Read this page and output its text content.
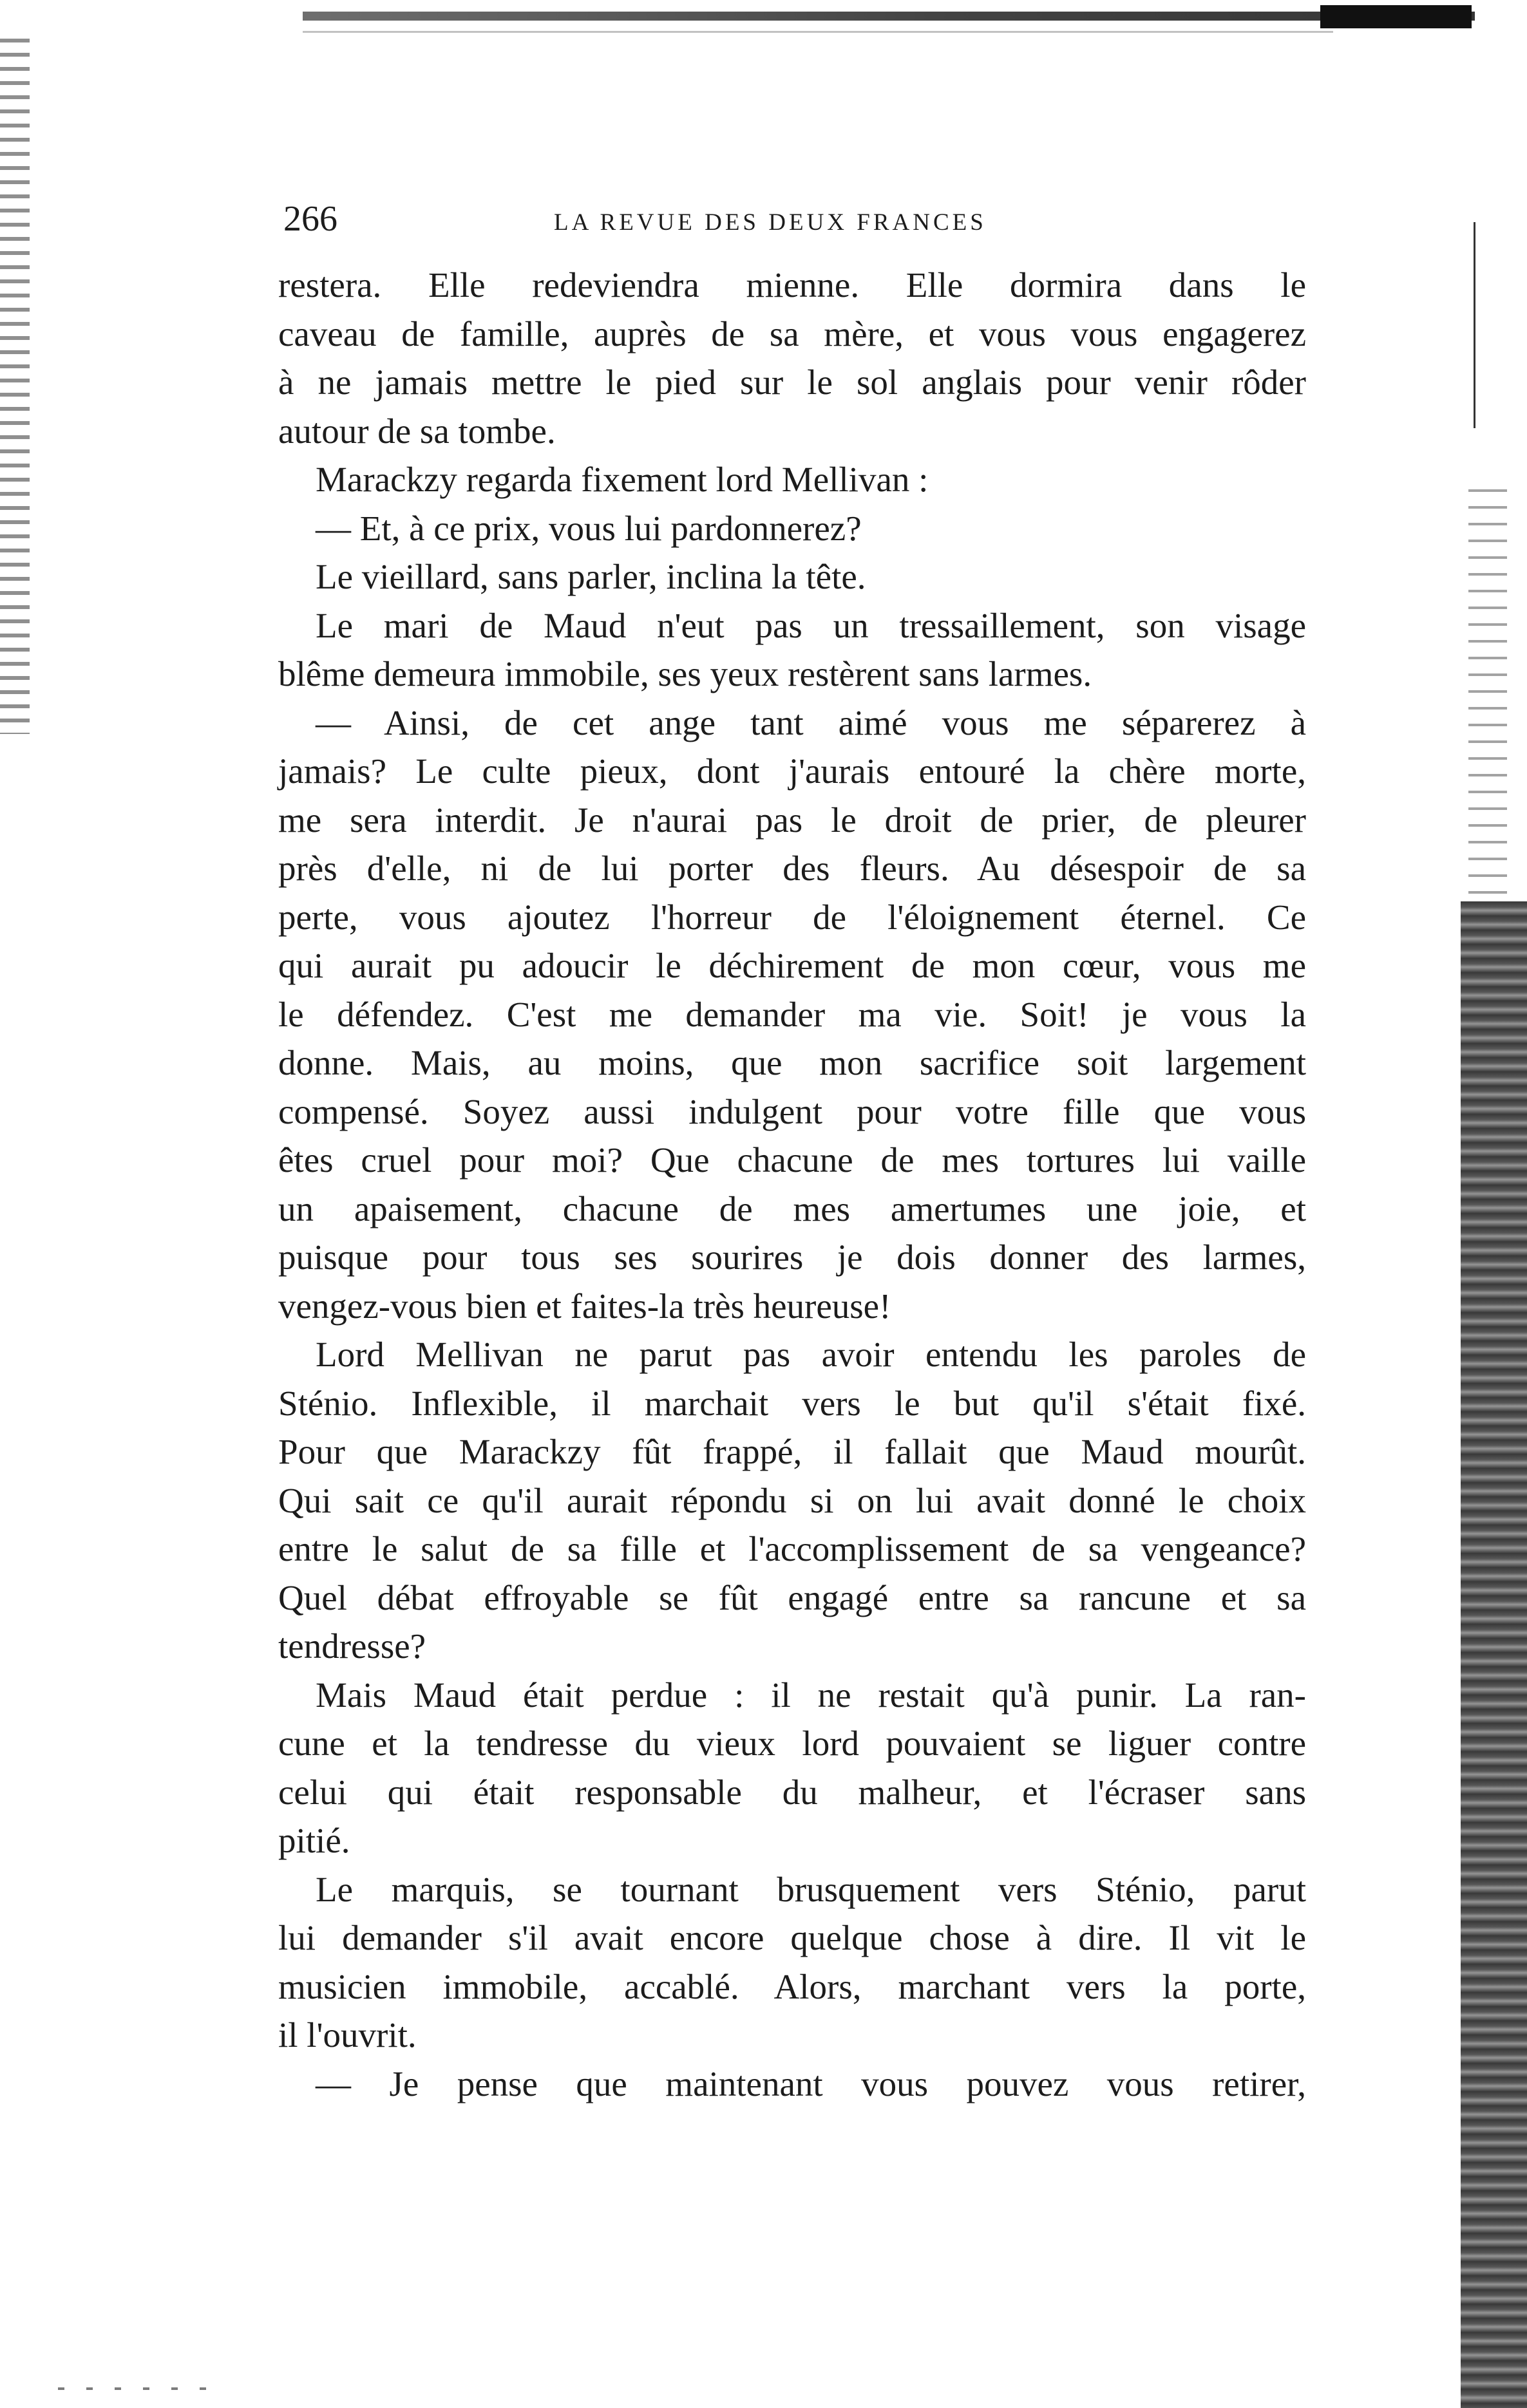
266	LA REVUE DES DEUX FRANCES
restera. Elle redeviendra mienne. Elle dormira dans le
caveau de famille, auprès de sa mère, et vous vous engagerez
à ne jamais mettre le pied sur le sol anglais pour venir rôder
autour de sa tombe.
Marackzy regarda fixement lord Mellivan :
— Et, à ce prix, vous lui pardonnerez?
Le vieillard, sans parler, inclina la tête.
Le mari de Maud n'eut pas un tressaillement, son visage
blême demeura immobile, ses yeux restèrent sans larmes.
— Ainsi, de cet ange tant aimé vous me séparerez à
jamais? Le culte pieux, dont j'aurais entouré la chère morte,
me sera interdit. Je n'aurai pas le droit de prier, de pleurer
près d'elle, ni de lui porter des fleurs. Au désespoir de sa
perte, vous ajoutez l'horreur de l'éloignement éternel. Ce
qui aurait pu adoucir le déchirement de mon cœur, vous me
le défendez. C'est me demander ma vie. Soit! je vous la
donne. Mais, au moins, que mon sacrifice soit largement
compensé. Soyez aussi indulgent pour votre fille que vous
êtes cruel pour moi? Que chacune de mes tortures lui vaille
un apaisement, chacune de mes amertumes une joie, et
puisque pour tous ses sourires je dois donner des larmes,
vengez-vous bien et faites-la très heureuse!
Lord Mellivan ne parut pas avoir entendu les paroles de
Sténio. Inflexible, il marchait vers le but qu'il s'était fixé.
Pour que Marackzy fût frappé, il fallait que Maud mourût.
Qui sait ce qu'il aurait répondu si on lui avait donné le choix
entre le salut de sa fille et l'accomplissement de sa vengeance?
Quel débat effroyable se fût engagé entre sa rancune et sa
tendresse?
Mais Maud était perdue : il ne restait qu'à punir. La ran-
cune et la tendresse du vieux lord pouvaient se liguer contre
celui qui était responsable du malheur, et l'écraser sans
pitié.
Le marquis, se tournant brusquement vers Sténio, parut
lui demander s'il avait encore quelque chose à dire. Il vit le
musicien immobile, accablé. Alors, marchant vers la porte,
il l'ouvrit.
— Je pense que maintenant vous pouvez vous retirer,
